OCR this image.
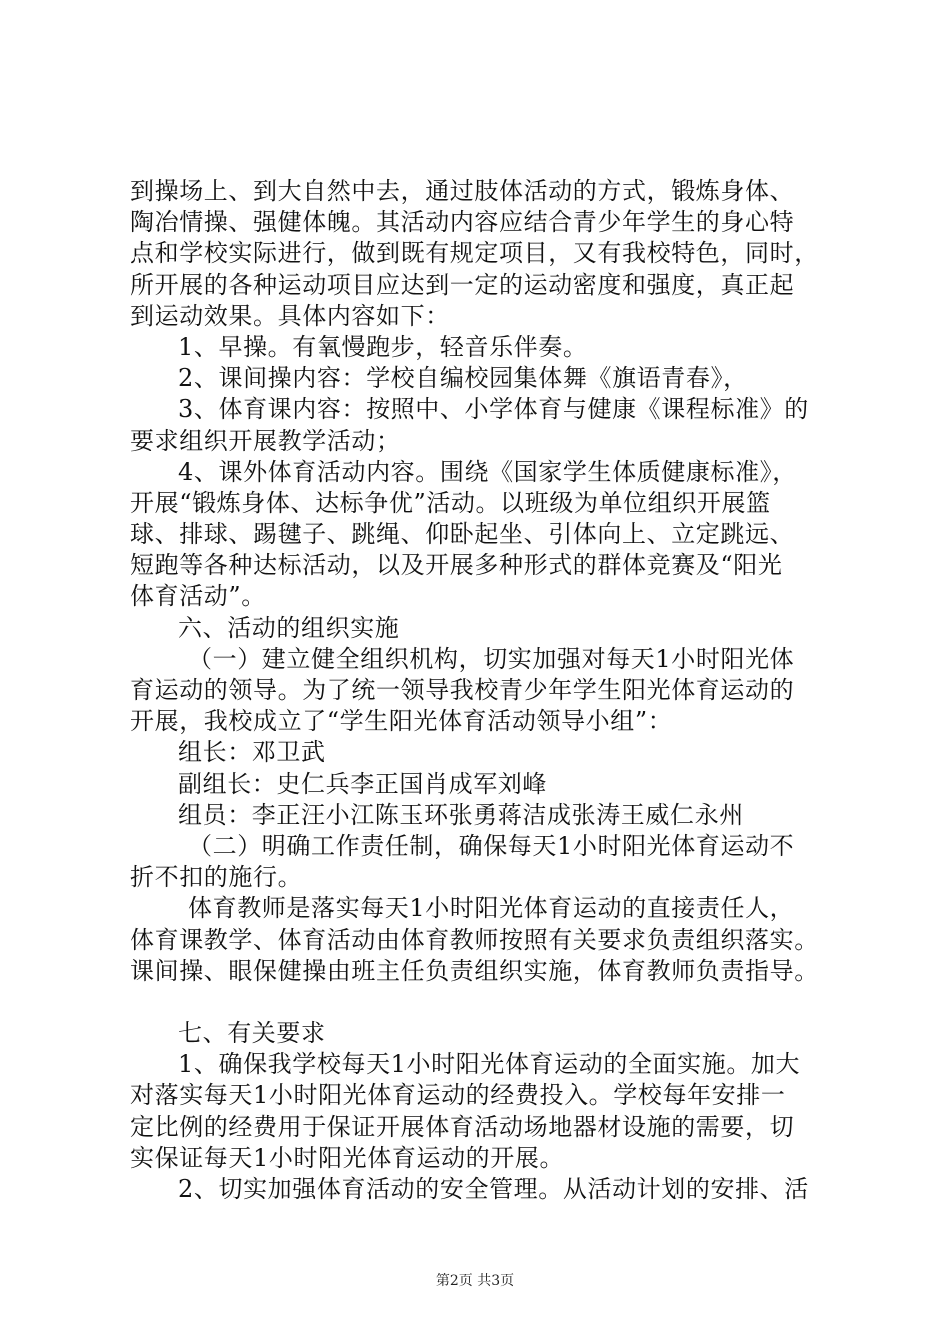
到操场上、到大自然中去，通过肢体活动的方式，锻炼身体、
陶冶情操、强健体魄。其活动内容应结合青少年学生的身心特
点和学校实际进行，做到既有规定项目，又有我校特色，同时，
所开展的各种运动项目应达到一定的运动密度和强度，真正起
到运动效果。具体内容如下：
1、早操。有氧慢跑步，轻音乐伴奏。
2、课间操内容：学校自编校园集体舞《旗语青春》，
3、体育课内容：按照中、小学体育与健康《课程标准》的
要求组织开展教学活动；
4、课外体育活动内容。围绕《国家学生体质健康标准》，
开展“锻炼身体、达标争优”活动。以班级为单位组织开展篮
球、排球、踢毽子、跳绳、仰卧起坐、引体向上、立定跳远、
短跑等各种达标活动，以及开展多种形式的群体竞赛及“阳光
体育活动”。
六、活动的组织实施
（一）建立健全组织机构，切实加强对每天1小时阳光体
育运动的领导。为了统一领导我校青少年学生阳光体育运动的
开展，我校成立了“学生阳光体育活动领导小组”：
组长：邓卫武
副组长：史仁兵李正国肖成军刘峰
组员：李正汪小江陈玉环张勇蒋洁成张涛王威仁永州
（二）明确工作责任制，确保每天1小时阳光体育运动不
折不扣的施行。
体育教师是落实每天1小时阳光体育运动的直接责任人，
体育课教学、体育活动由体育教师按照有关要求负责组织落实。
课间操、眼保健操由班主任负责组织实施，体育教师负责指导。
七、有关要求
1、确保我学校每天1小时阳光体育运动的全面实施。加大
对落实每天1小时阳光体育运动的经费投入。学校每年安排一
定比例的经费用于保证开展体育活动场地器材设施的需要，切
实保证每天1小时阳光体育运动的开展。
2、切实加强体育活动的安全管理。从活动计划的安排、活
第2页 共3页
